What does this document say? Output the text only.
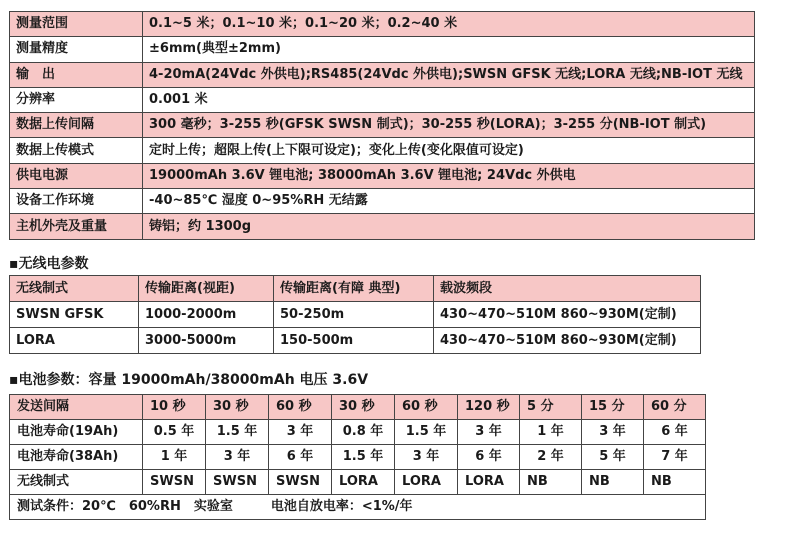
测量范围	0.1~5 米；0.1~10 米；0.1~20 米；0.2~40 米
测量精度	±6mm(典型±2mm)
输　出	4-20mA(24Vdc 外供电);RS485(24Vdc 外供电);SWSN GFSK 无线;LORA 无线;NB-IOT 无线
分辨率	0.001 米
数据上传间隔	300 毫秒；3-255 秒(GFSK SWSN 制式)；30-255 秒(LORA)；3-255 分(NB-IOT 制式)
数据上传模式	定时上传；超限上传(上下限可设定)；变化上传(变化限值可设定)
供电电源	19000mAh 3.6V 锂电池; 38000mAh 3.6V 锂电池; 24Vdc 外供电
设备工作环境	-40~85℃ 湿度 0~95%RH 无结露
主机外壳及重量	铸铝；约 1300g
▪无线电参数
无线制式	传输距离(视距)	传输距离(有障 典型)	载波频段
SWSN GFSK	1000-2000m	50-250m	430~470~510M 860~930M(定制)
LORA	3000-5000m	150-500m	430~470~510M 860~930M(定制)
▪电池参数：容量 19000mAh/38000mAh 电压 3.6V
发送间隔	10 秒	30 秒	60 秒	30 秒	60 秒	120 秒	5 分	15 分	60 分
电池寿命(19Ah)	0.5 年	1.5 年	3 年	0.8 年	1.5 年	3 年	1 年	3 年	6 年
电池寿命(38Ah)	1 年	3 年	6 年	1.5 年	3 年	6 年	2 年	5 年	7 年
无线制式	SWSN	SWSN	SWSN	LORA	LORA	LORA	NB	NB	NB
测试条件：20℃　60%RH　实验室 电池自放电率：<1%/年									
